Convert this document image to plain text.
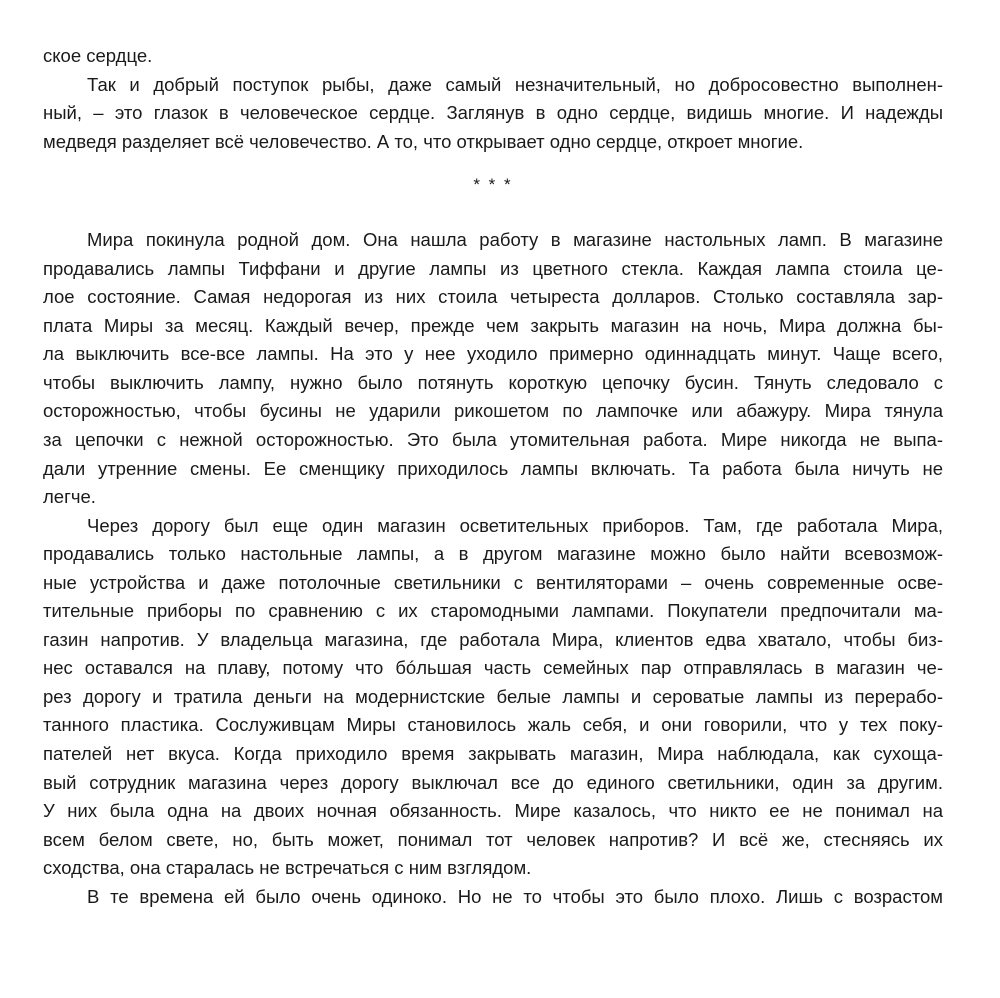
ское сердце.
Так и добрый поступок рыбы, даже самый незначительный, но добросовестно выполнен-
ный, – это глазок в человеческое сердце. Заглянув в одно сердце, видишь многие. И надежды
медведя разделяет всё человечество. А то, что открывает одно сердце, откроет многие.
* * *
Мира покинула родной дом. Она нашла работу в магазине настольных ламп. В магазине
продавались лампы Тиффани и другие лампы из цветного стекла. Каждая лампа стоила це-
лое состояние. Самая недорогая из них стоила четыреста долларов. Столько составляла зар-
плата Миры за месяц. Каждый вечер, прежде чем закрыть магазин на ночь, Мира должна бы-
ла выключить все-все лампы. На это у нее уходило примерно одиннадцать минут. Чаще всего,
чтобы выключить лампу, нужно было потянуть короткую цепочку бусин. Тянуть следовало с
осторожностью, чтобы бусины не ударили рикошетом по лампочке или абажуру. Мира тянула
за цепочки с нежной осторожностью. Это была утомительная работа. Мире никогда не выпа-
дали утренние смены. Ее сменщику приходилось лампы включать. Та работа была ничуть не
легче.
Через дорогу был еще один магазин осветительных приборов. Там, где работала Мира,
продавались только настольные лампы, а в другом магазине можно было найти всевозмож-
ные устройства и даже потолочные светильники с вентиляторами – очень современные осве-
тительные приборы по сравнению с их старомодными лампами. Покупатели предпочитали ма-
газин напротив. У владельца магазина, где работала Мира, клиентов едва хватало, чтобы биз-
нес оставался на плаву, потому что бóльшая часть семейных пар отправлялась в магазин че-
рез дорогу и тратила деньги на модернистские белые лампы и сероватые лампы из перерабо-
танного пластика. Сослуживцам Миры становилось жаль себя, и они говорили, что у тех поку-
пателей нет вкуса. Когда приходило время закрывать магазин, Мира наблюдала, как сухоща-
вый сотрудник магазина через дорогу выключал все до единого светильники, один за другим.
У них была одна на двоих ночная обязанность. Мире казалось, что никто ее не понимал на
всем белом свете, но, быть может, понимал тот человек напротив? И всё же, стесняясь их
сходства, она старалась не встречаться с ним взглядом.
В те времена ей было очень одиноко. Но не то чтобы это было плохо. Лишь с возрастом
